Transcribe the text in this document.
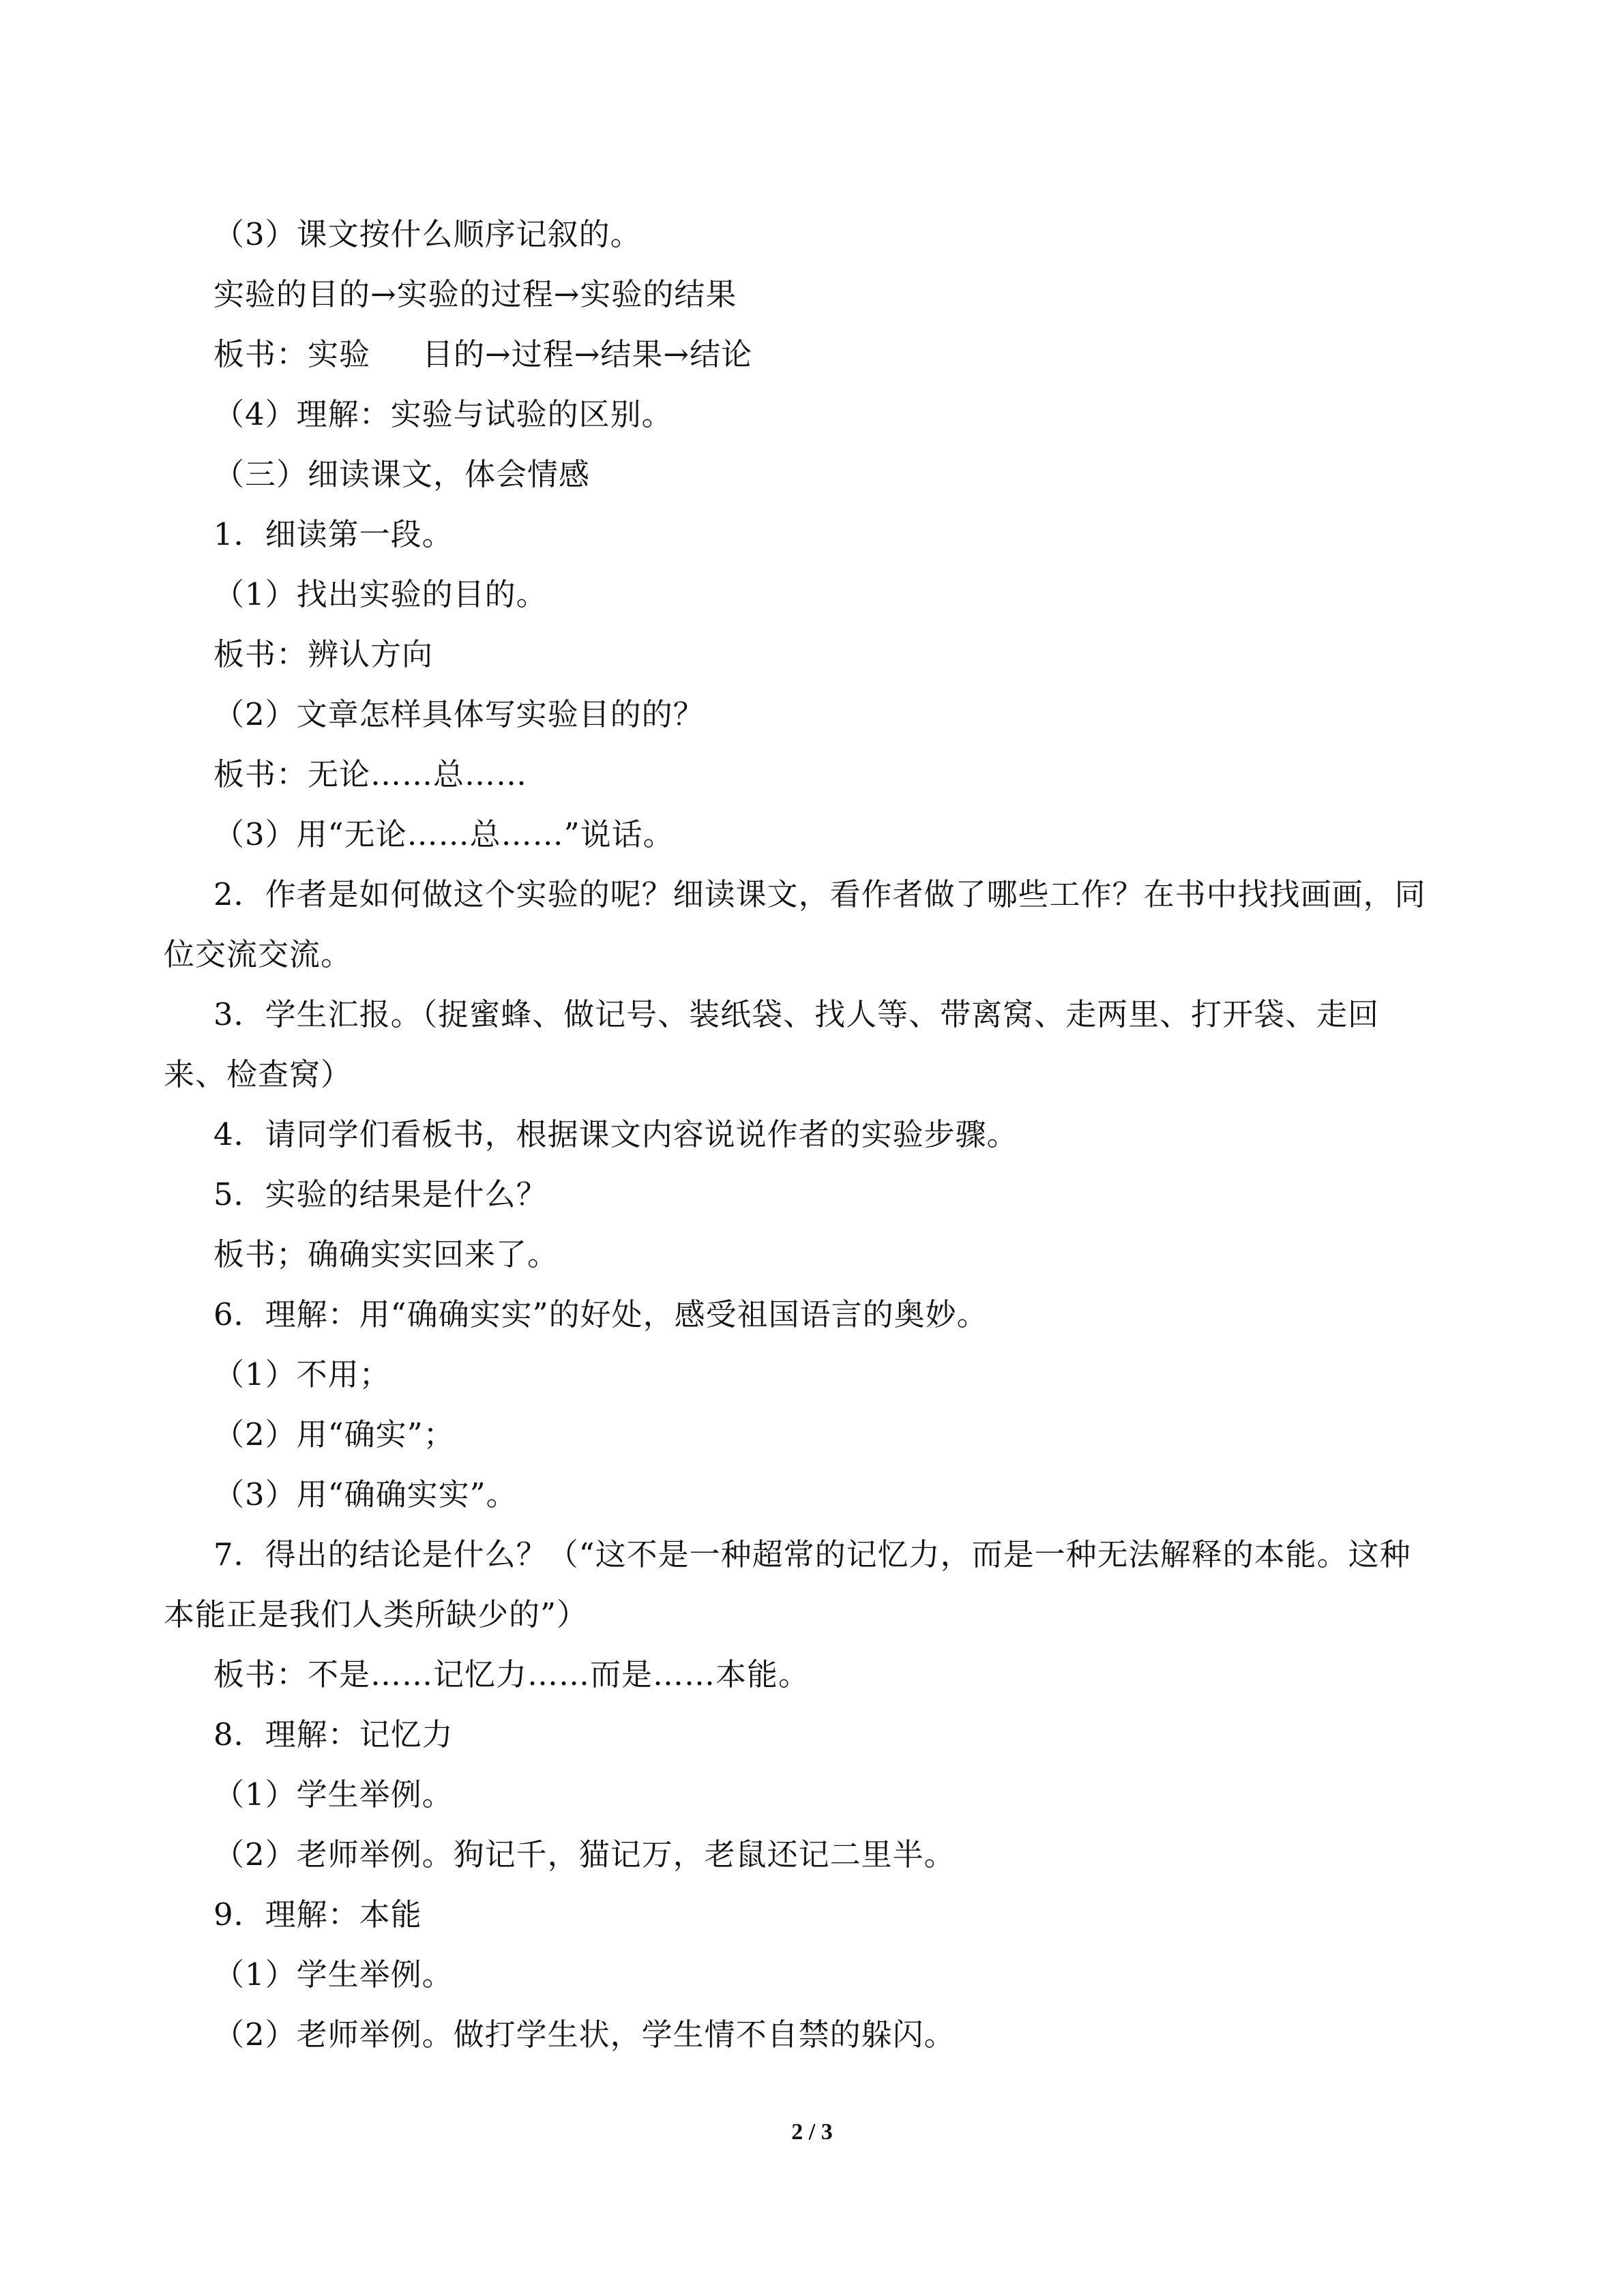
（3）课文按什么顺序记叙的。
实验的目的→实验的过程→实验的结果
板书：实验 目的→过程→结果→结论
（4）理解：实验与试验的区别。
（三）细读课文，体会情感
1．细读第一段。
（1）找出实验的目的。
板书：辨认方向
（2）文章怎样具体写实验目的的？
板书：无论……总……
（3）用“无论……总……”说话。
2．作者是如何做这个实验的呢？细读课文，看作者做了哪些工作？在书中找找画画，同
位交流交流。
3．学生汇报。（捉蜜蜂、做记号、装纸袋、找人等、带离窝、走两里、打开袋、走回
来、检查窝）
4．请同学们看板书，根据课文内容说说作者的实验步骤。
5．实验的结果是什么？
板书；确确实实回来了。
6．理解：用“确确实实”的好处，感受祖国语言的奥妙。
（1）不用；
（2）用“确实”；
（3）用“确确实实”。
7．得出的结论是什么？（“这不是一种超常的记忆力，而是一种无法解释的本能。这种
本能正是我们人类所缺少的”）
板书：不是……记忆力……而是……本能。
8．理解：记忆力
（1）学生举例。
（2）老师举例。狗记千，猫记万，老鼠还记二里半。
9．理解：本能
（1）学生举例。
（2）老师举例。做打学生状，学生情不自禁的躲闪。
2 / 3
